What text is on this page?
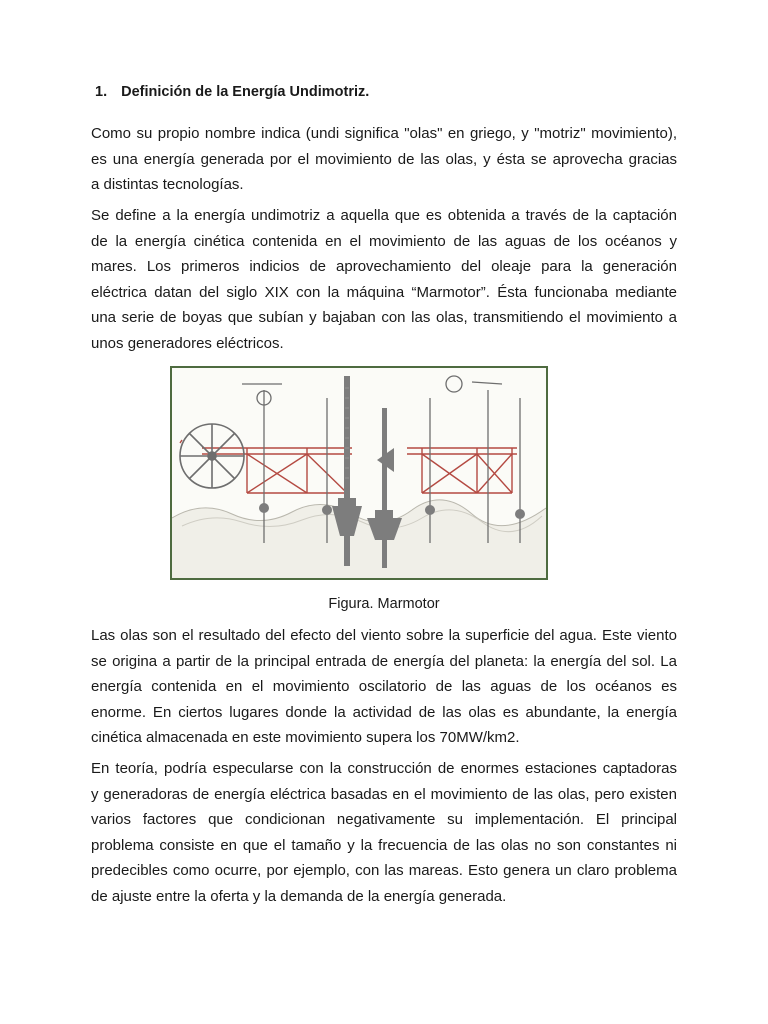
1. Definición de la Energía Undimotriz.

Como su propio nombre indica (undi significa "olas" en griego, y "motriz" movimiento),
es una energía generada por el movimiento de las olas, y ésta se aprovecha gracias
a distintas tecnologías.

Se define a la energía undimotriz a aquella que es obtenida a través de la captación
de la energía cinética contenida en el movimiento de las aguas de los océanos y
mares. Los primeros indicios de aprovechamiento del oleaje para la generación
eléctrica datan del siglo XIX con la máquina “Marmotor”. Ésta funcionaba mediante
una serie de boyas que subían y bajaban con las olas, transmitiendo el movimiento a
unos generadores eléctricos.

Figura. Marmotor

Las olas son el resultado del efecto del viento sobre la superficie del agua. Este viento
se origina a partir de la principal entrada de energía del planeta: la energía del sol. La
energía contenida en el movimiento oscilatorio de las aguas de los océanos es
enorme. En ciertos lugares donde la actividad de las olas es abundante, la energía
cinética almacenada en este movimiento supera los 70MW/km2.

En teoría, podría especularse con la construcción de enormes estaciones captadoras
y generadoras de energía eléctrica basadas en el movimiento de las olas, pero existen
varios factores que condicionan negativamente su implementación. El principal
problema consiste en que el tamaño y la frecuencia de las olas no son constantes ni
predecibles como ocurre, por ejemplo, con las mareas. Esto genera un claro problema
de ajuste entre la oferta y la demanda de la energía generada.
